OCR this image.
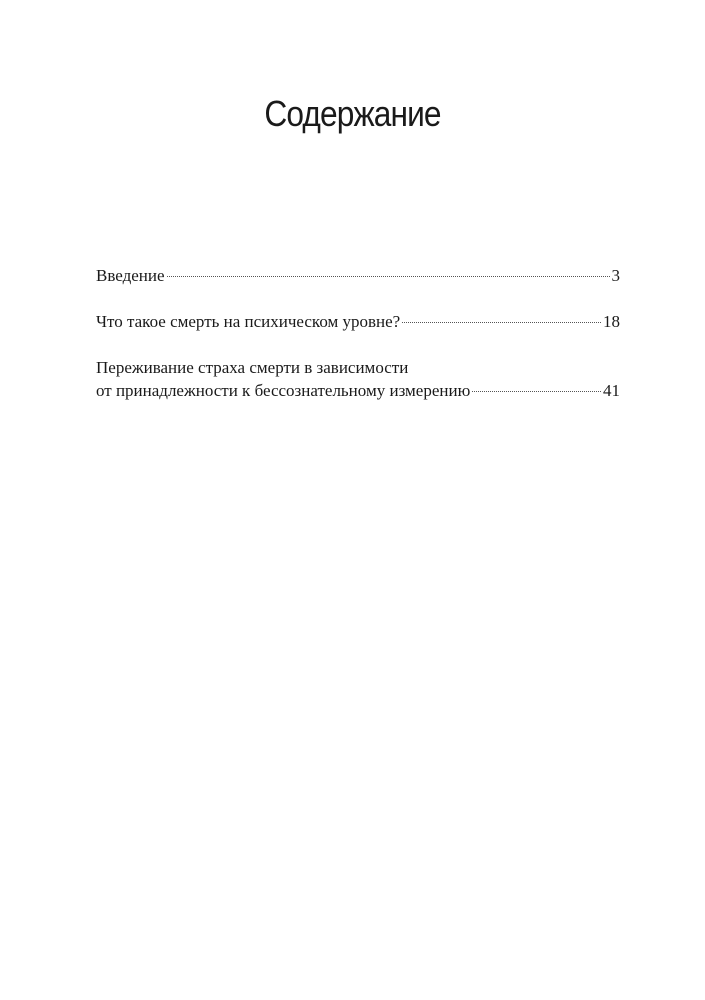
Содержание
Введение	3
Что такое смерть на психическом уровне?	18
Переживание страха смерти в зависимости
от принадлежности к бессознательному измерению	41
